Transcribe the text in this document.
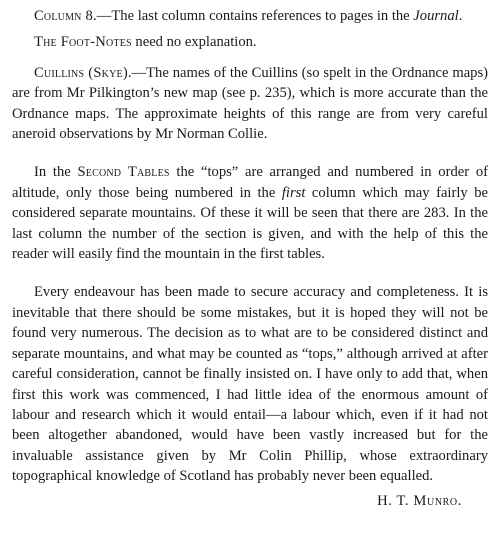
Column 8.—The last column contains references to pages in the Journal.

The Foot-Notes need no explanation.

Cuillins (Skye).—The names of the Cuillins (so spelt in the Ordnance maps) are from Mr Pilkington’s new map (see p. 235), which is more accurate than the Ordnance maps. The approximate heights of this range are from very careful aneroid observations by Mr Norman Collie.

In the Second Tables the “tops” are arranged and numbered in order of altitude, only those being numbered in the first column which may fairly be considered separate mountains. Of these it will be seen that there are 283. In the last column the number of the section is given, and with the help of this the reader will easily find the mountain in the first tables.

Every endeavour has been made to secure accuracy and completeness. It is inevitable that there should be some mistakes, but it is hoped they will not be found very numerous. The decision as to what are to be considered distinct and separate mountains, and what may be counted as “tops,” although arrived at after careful consideration, cannot be finally insisted on. I have only to add that, when first this work was commenced, I had little idea of the enormous amount of labour and research which it would entail—a labour which, even if it had not been altogether abandoned, would have been vastly increased but for the invaluable assistance given by Mr Colin Phillip, whose extraordinary topographical knowledge of Scotland has probably never been equalled.

H. T. Munro.
